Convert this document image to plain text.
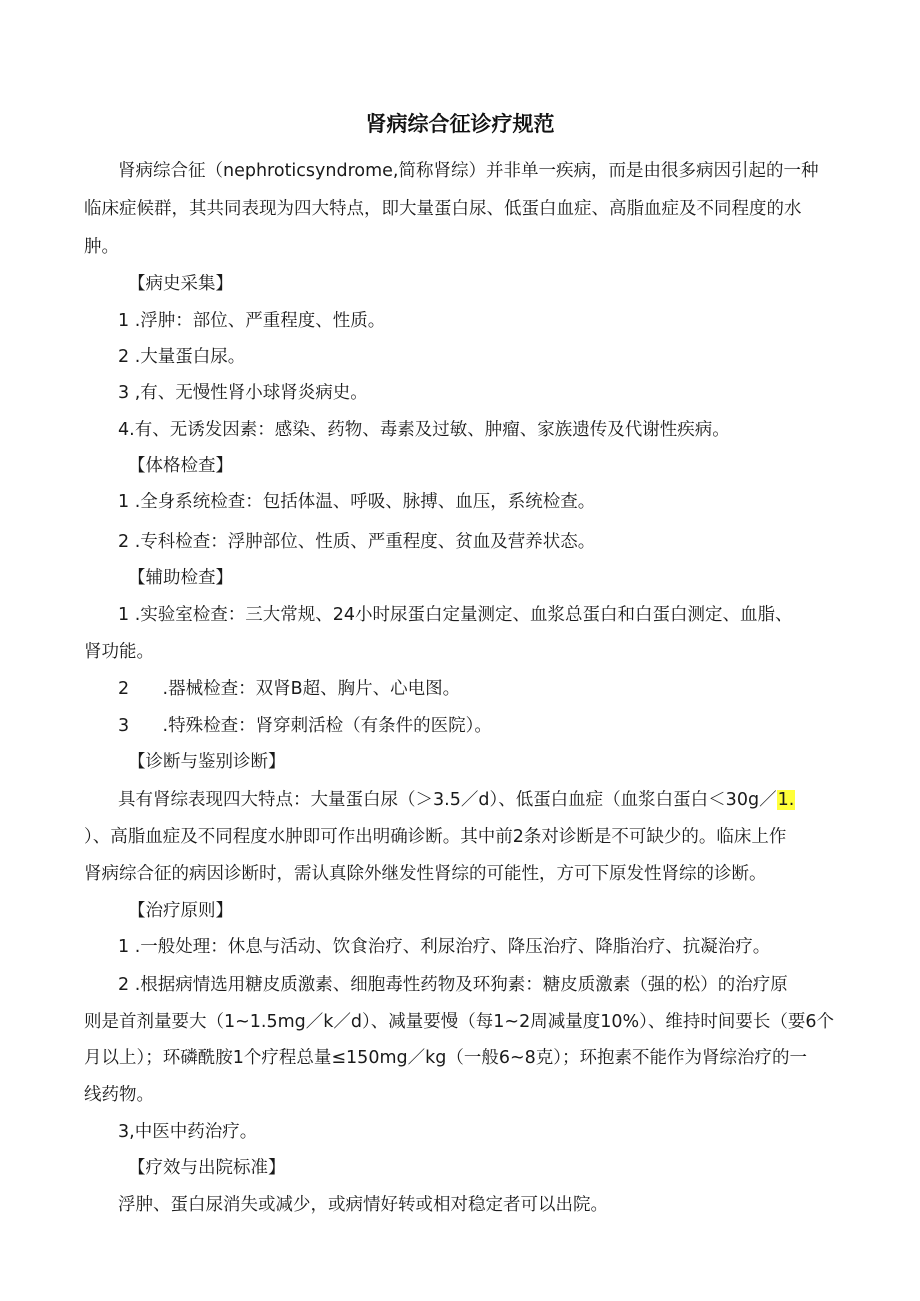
肾病综合征诊疗规范
肾病综合征（nephroticsyndrome,简称肾综）并非单一疾病，而是由很多病因引起的一种
临床症候群，其共同表现为四大特点，即大量蛋白尿、低蛋白血症、高脂血症及不同程度的水
肿。
【病史采集】
1 .浮肿：部位、严重程度、性质。
2 .大量蛋白尿。
3 ,有、无慢性肾小球肾炎病史。
4.有、无诱发因素：感染、药物、毒素及过敏、肿瘤、家族遗传及代谢性疾病。
【体格检查】
1 .全身系统检查：包括体温、呼吸、脉搏、血压，系统检查。
2 .专科检查：浮肿部位、性质、严重程度、贫血及营养状态。
【辅助检查】
1 .实验室检查：三大常规、24小时尿蛋白定量测定、血浆总蛋白和白蛋白测定、血脂、
肾功能。
2      .器械检查：双肾B超、胸片、心电图。
3      .特殊检查：肾穿刺活检（有条件的医院）。
【诊断与鉴别诊断】
具有肾综表现四大特点：大量蛋白尿（＞3.5／d）、低蛋白血症（血浆白蛋白＜30g／1.
）、高脂血症及不同程度水肿即可作出明确诊断。其中前2条对诊断是不可缺少的。临床上作
肾病综合征的病因诊断时，需认真除外继发性肾综的可能性，方可下原发性肾综的诊断。
【治疗原则】
1 .一般处理：休息与活动、饮食治疗、利尿治疗、降压治疗、降脂治疗、抗凝治疗。
2 .根据病情选用糖皮质激素、细胞毒性药物及环狗素：糖皮质激素（强的松）的治疗原
则是首剂量要大（1~1.5mg／k／d）、减量要慢（每1~2周减量度10%）、维持时间要长（要6个
月以上）；环磷酰胺1个疗程总量≤150mg／kg（一般6~8克）；环抱素不能作为肾综治疗的一
线药物。
3,中医中药治疗。
【疗效与出院标准】
浮肿、蛋白尿消失或减少，或病情好转或相对稳定者可以出院。
